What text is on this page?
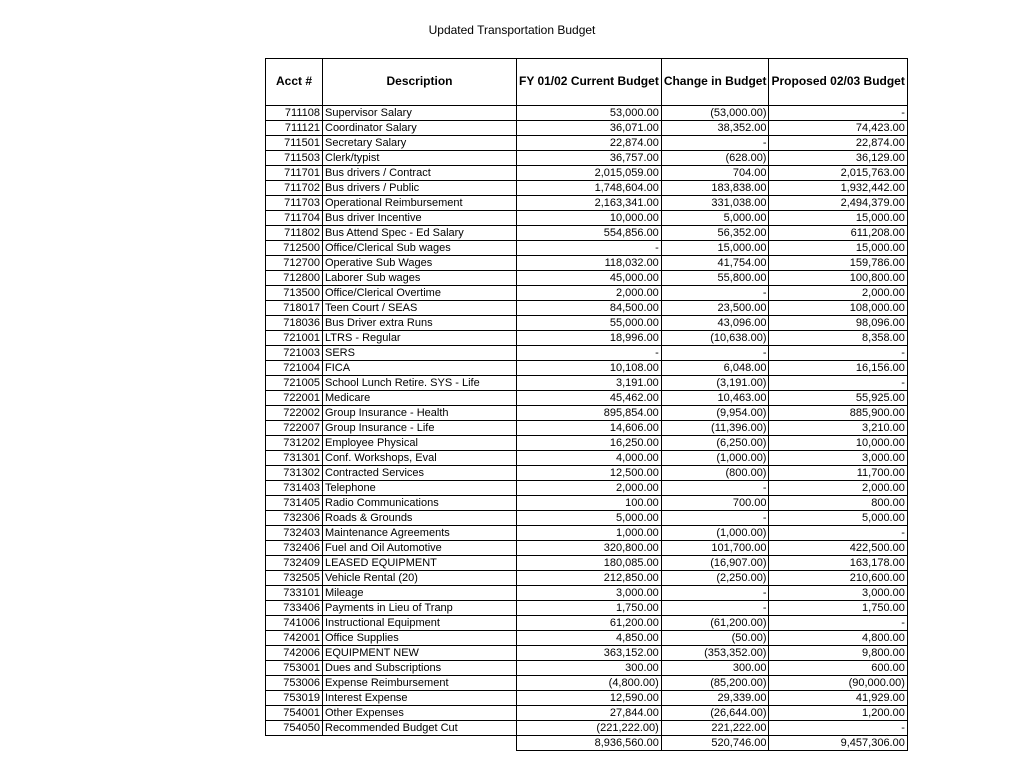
Updated Transportation Budget
Acct #	Description	FY 01/02 Current Budget	Change in Budget	Proposed 02/03 Budget
711108	Supervisor Salary	53,000.00	(53,000.00)	-
711121	Coordinator Salary	36,071.00	38,352.00	74,423.00
711501	Secretary Salary	22,874.00	-	22,874.00
711503	Clerk/typist	36,757.00	(628.00)	36,129.00
711701	Bus drivers / Contract	2,015,059.00	704.00	2,015,763.00
711702	Bus drivers / Public	1,748,604.00	183,838.00	1,932,442.00
711703	Operational Reimbursement	2,163,341.00	331,038.00	2,494,379.00
711704	Bus driver Incentive	10,000.00	5,000.00	15,000.00
711802	Bus Attend Spec - Ed Salary	554,856.00	56,352.00	611,208.00
712500	Office/Clerical Sub wages	-	15,000.00	15,000.00
712700	Operative Sub Wages	118,032.00	41,754.00	159,786.00
712800	Laborer Sub wages	45,000.00	55,800.00	100,800.00
713500	Office/Clerical Overtime	2,000.00	-	2,000.00
718017	Teen Court / SEAS	84,500.00	23,500.00	108,000.00
718036	Bus Driver extra Runs	55,000.00	43,096.00	98,096.00
721001	LTRS - Regular	18,996.00	(10,638.00)	8,358.00
721003	SERS	-	-	-
721004	FICA	10,108.00	6,048.00	16,156.00
721005	School Lunch Retire. SYS - Life	3,191.00	(3,191.00)	-
722001	Medicare	45,462.00	10,463.00	55,925.00
722002	Group Insurance - Health	895,854.00	(9,954.00)	885,900.00
722007	Group Insurance - Life	14,606.00	(11,396.00)	3,210.00
731202	Employee Physical	16,250.00	(6,250.00)	10,000.00
731301	Conf. Workshops, Eval	4,000.00	(1,000.00)	3,000.00
731302	Contracted Services	12,500.00	(800.00)	11,700.00
731403	Telephone	2,000.00	-	2,000.00
731405	Radio Communications	100.00	700.00	800.00
732306	Roads & Grounds	5,000.00	-	5,000.00
732403	Maintenance Agreements	1,000.00	(1,000.00)	-
732406	Fuel and Oil Automotive	320,800.00	101,700.00	422,500.00
732409	LEASED EQUIPMENT	180,085.00	(16,907.00)	163,178.00
732505	Vehicle Rental (20)	212,850.00	(2,250.00)	210,600.00
733101	Mileage	3,000.00	-	3,000.00
733406	Payments in Lieu of Tranp	1,750.00	-	1,750.00
741006	Instructional Equipment	61,200.00	(61,200.00)	-
742001	Office Supplies	4,850.00	(50.00)	4,800.00
742006	EQUIPMENT NEW	363,152.00	(353,352.00)	9,800.00
753001	Dues and Subscriptions	300.00	300.00	600.00
753006	Expense Reimbursement	(4,800.00)	(85,200.00)	(90,000.00)
753019	Interest Expense	12,590.00	29,339.00	41,929.00
754001	Other Expenses	27,844.00	(26,644.00)	1,200.00
754050	Recommended Budget Cut	(221,222.00)	221,222.00	-
		8,936,560.00	520,746.00	9,457,306.00
